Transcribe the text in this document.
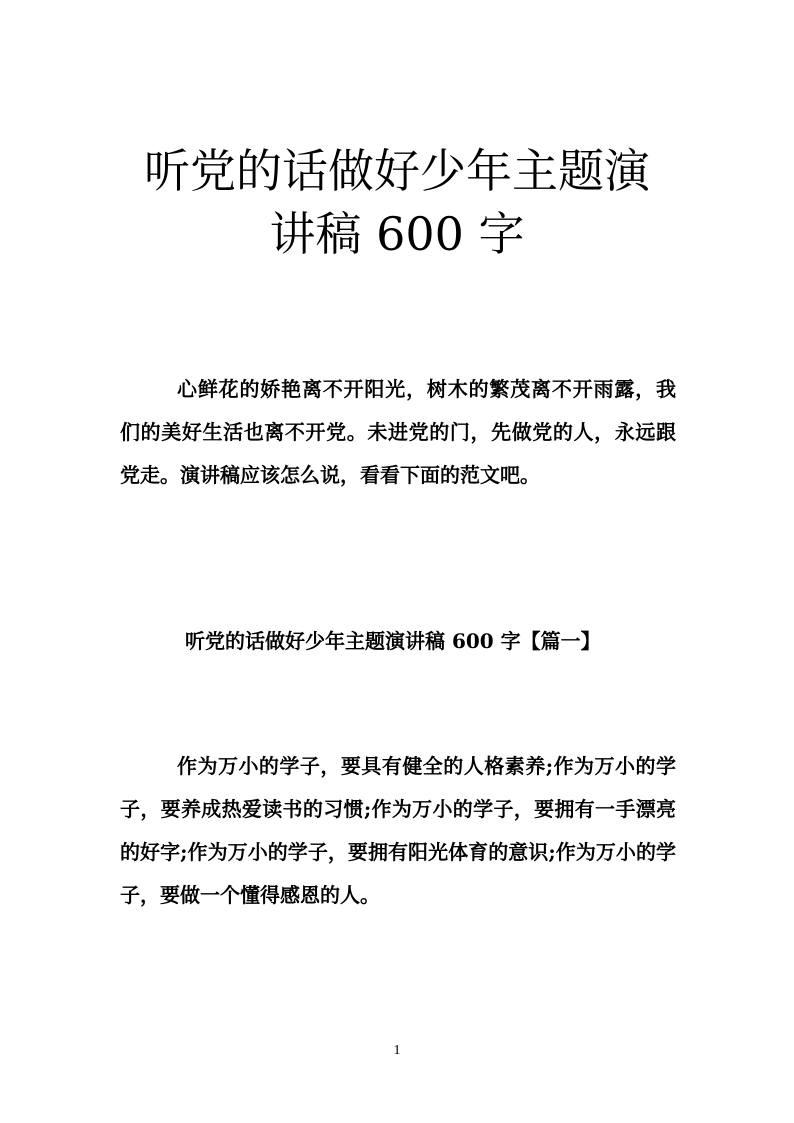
听党的话做好少年主题演
讲稿 600 字

心鲜花的娇艳离不开阳光，树木的繁茂离不开雨露，我们的美好生活也离不开党。未进党的门，先做党的人，永远跟党走。演讲稿应该怎么说，看看下面的范文吧。

听党的话做好少年主题演讲稿 600 字【篇一】

作为万小的学子，要具有健全的人格素养;作为万小的学子，要养成热爱读书的习惯;作为万小的学子，要拥有一手漂亮的好字;作为万小的学子，要拥有阳光体育的意识;作为万小的学子，要做一个懂得感恩的人。

1
